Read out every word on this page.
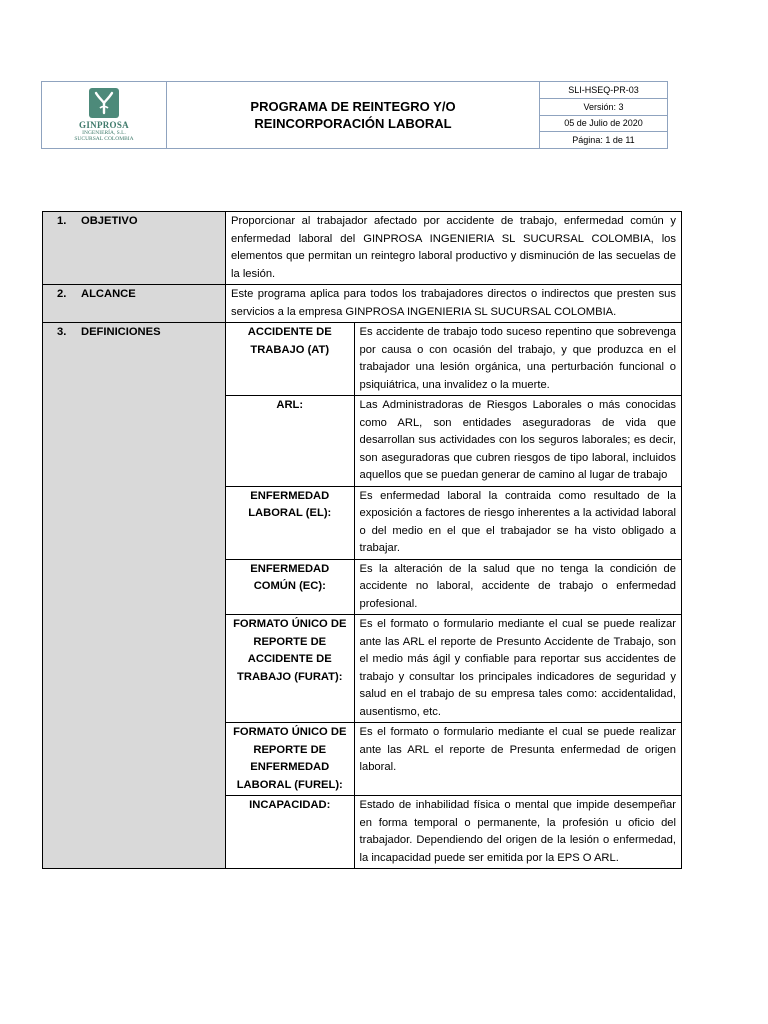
GINPROSA
INGENIERÍA, S.L.
SUCURSAL COLOMBIA
PROGRAMA DE REINTEGRO Y/O
REINCORPORACIÓN LABORAL
SLI-HSEQ-PR-03
Versión: 3
05 de Julio de 2020
Página: 1 de 11
1. OBJETIVO	Proporcionar al trabajador afectado por accidente de trabajo, enfermedad común y enfermedad laboral del GINPROSA INGENIERIA SL SUCURSAL COLOMBIA, los elementos que permitan un reintegro laboral productivo y disminución de las secuelas de la lesión.
2. ALCANCE	Este programa aplica para todos los trabajadores directos o indirectos que presten sus servicios a la empresa GINPROSA INGENIERIA SL SUCURSAL COLOMBIA.
3. DEFINICIONES		ACCIDENTE DE TRABAJO (AT)	Es accidente de trabajo todo suceso repentino que sobrevenga por causa o con ocasión del trabajo, y que produzca en el trabajador una lesión orgánica, una perturbación funcional o psiquiátrica, una invalidez o la muerte.
ARL:	Las Administradoras de Riesgos Laborales o más conocidas como ARL, son entidades aseguradoras de vida que desarrollan sus actividades con los seguros laborales; es decir, son aseguradoras que cubren riesgos de tipo laboral, incluidos aquellos que se puedan generar de camino al lugar de trabajo
ENFERMEDAD LABORAL (EL):	Es enfermedad laboral la contraida como resultado de la exposición a factores de riesgo inherentes a la actividad laboral o del medio en el que el trabajador se ha visto obligado a trabajar.
ENFERMEDAD COMÚN (EC):	Es la alteración de la salud que no tenga la condición de accidente no laboral, accidente de trabajo o enfermedad profesional.
FORMATO ÚNICO DE REPORTE DE ACCIDENTE DE TRABAJO (FURAT):	Es el formato o formulario mediante el cual se puede realizar ante las ARL el reporte de Presunto Accidente de Trabajo, son el medio más ágil y confiable para reportar sus accidentes de trabajo y consultar los principales indicadores de seguridad y salud en el trabajo de su empresa tales como: accidentalidad, ausentismo, etc.
FORMATO ÚNICO DE REPORTE DE ENFERMEDAD LABORAL (FUREL):	Es el formato o formulario mediante el cual se puede realizar ante las ARL el reporte de Presunta enfermedad de origen laboral.
INCAPACIDAD:	Estado de inhabilidad física o mental que impide desempeñar en forma temporal o permanente, la profesión u oficio del trabajador. Dependiendo del origen de la lesión o enfermedad, la incapacidad puede ser emitida por la EPS O ARL.
